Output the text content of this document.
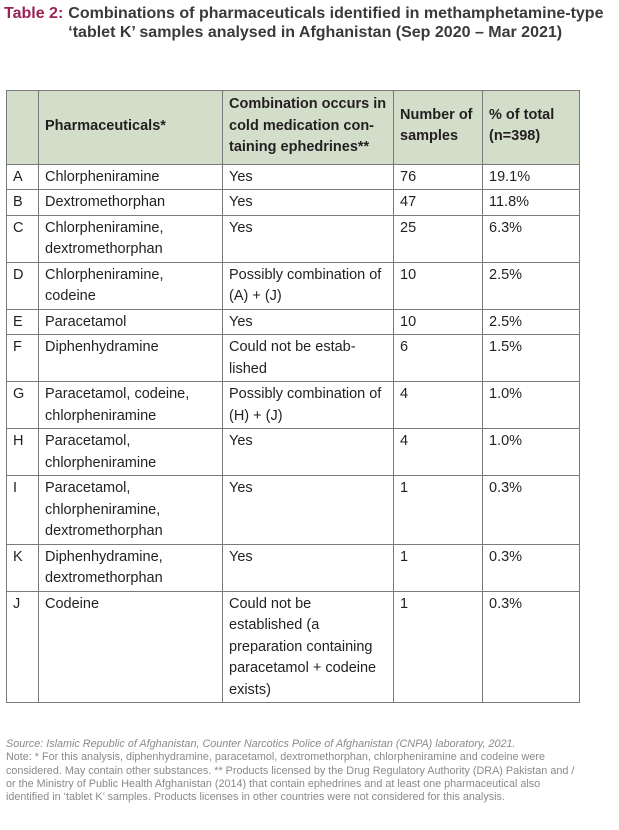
Table 2: Combinations of pharmaceuticals identified in methamphetamine-type ‘tablet K’ samples analysed in Afghanistan (Sep 2020 – Mar 2021)
	Pharmaceuticals*	Combination occurs in cold medication con-taining ephedrines**	Number of samples	% of total (n=398)
A	Chlorpheniramine	Yes	76	19.1%
B	Dextromethorphan	Yes	47	11.8%
C	Chlorpheniramine, dextromethorphan	Yes	25	6.3%
D	Chlorpheniramine, codeine	Possibly combination of (A) + (J)	10	2.5%
E	Paracetamol	Yes	10	2.5%
F	Diphenhydramine	Could not be estab-lished	6	1.5%
G	Paracetamol, codeine, chlorpheniramine	Possibly combination of (H) + (J)	4	1.0%
H	Paracetamol, chlorpheniramine	Yes	4	1.0%
I	Paracetamol, chlorpheniramine, dextromethorphan	Yes	1	0.3%
K	Diphenhydramine, dextromethorphan	Yes	1	0.3%
J	Codeine	Could not be established (a preparation containing paracetamol + codeine exists)	1	0.3%
Source: Islamic Republic of Afghanistan, Counter Narcotics Police of Afghanistan (CNPA) laboratory, 2021.
Note: * For this analysis, diphenhydramine, paracetamol, dextromethorphan, chlorpheniramine and codeine were considered. May contain other substances. ** Products licensed by the Drug Regulatory Authority (DRA) Pakistan and / or the Ministry of Public Health Afghanistan (2014) that contain ephedrines and at least one pharmaceutical also identified in ‘tablet K’ samples. Products licenses in other countries were not considered for this analysis.
